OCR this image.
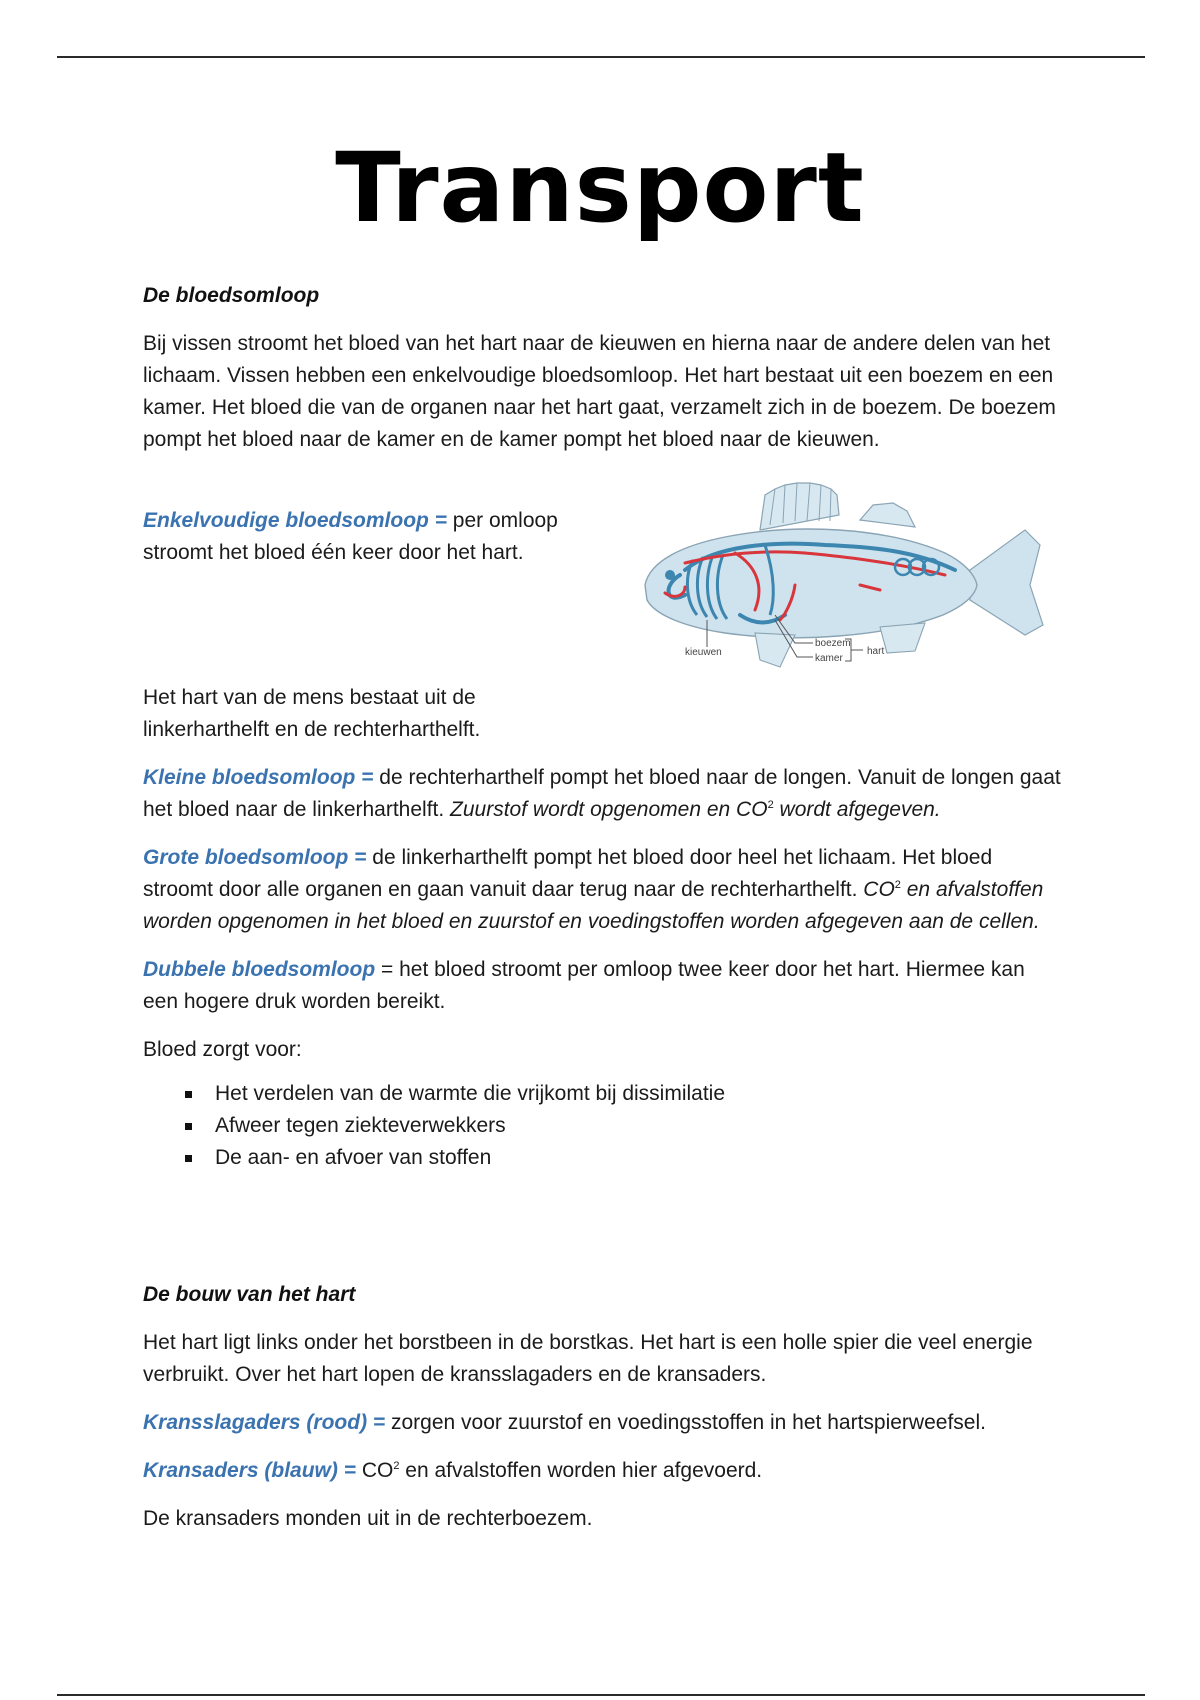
Transport

De bloedsomloop

Bij vissen stroomt het bloed van het hart naar de kieuwen en hierna naar de andere delen van het lichaam. Vissen hebben een enkelvoudige bloedsomloop. Het hart bestaat uit een boezem en een kamer. Het bloed die van de organen naar het hart gaat, verzamelt zich in de boezem. De boezem pompt het bloed naar de kamer en de kamer pompt het bloed naar de kieuwen.

Enkelvoudige bloedsomloop = per omloop
stroomt het bloed één keer door het hart.

kieuwen
boezem
kamer
hart

Het hart van de mens bestaat uit de

linkerharthelft en de rechterharthelft.

Kleine bloedsomloop = de rechterharthelf pompt het bloed naar de longen. Vanuit de longen gaat het bloed naar de linkerharthelft. Zuurstof wordt opgenomen en $CO^2$ wordt afgegeven.

Grote bloedsomloop = de linkerharthelft pompt het bloed door heel het lichaam. Het bloed stroomt door alle organen en gaan vanuit daar terug naar de rechterharthelft. $CO^2$ en afvalstoffen worden opgenomen in het bloed en zuurstof en voedingstoffen worden afgegeven aan de cellen.

Dubbele bloedsomloop = het bloed stroomt per omloop twee keer door het hart. Hiermee kan een hogere druk worden bereikt.

Bloed zorgt voor:

Het verdelen van de warmte die vrijkomt bij dissimilatie
Afweer tegen ziekteverwekkers
De aan- en afvoer van stoffen

De bouw van het hart

Het hart ligt links onder het borstbeen in de borstkas. Het hart is een holle spier die veel energie verbruikt. Over het hart lopen de kransslagaders en de kransaders.

Kransslagaders (rood) = zorgen voor zuurstof en voedingsstoffen in het hartspierweefsel.

Kransaders (blauw) = $CO^2$ en afvalstoffen worden hier afgevoerd.

De kransaders monden uit in de rechterboezem.
